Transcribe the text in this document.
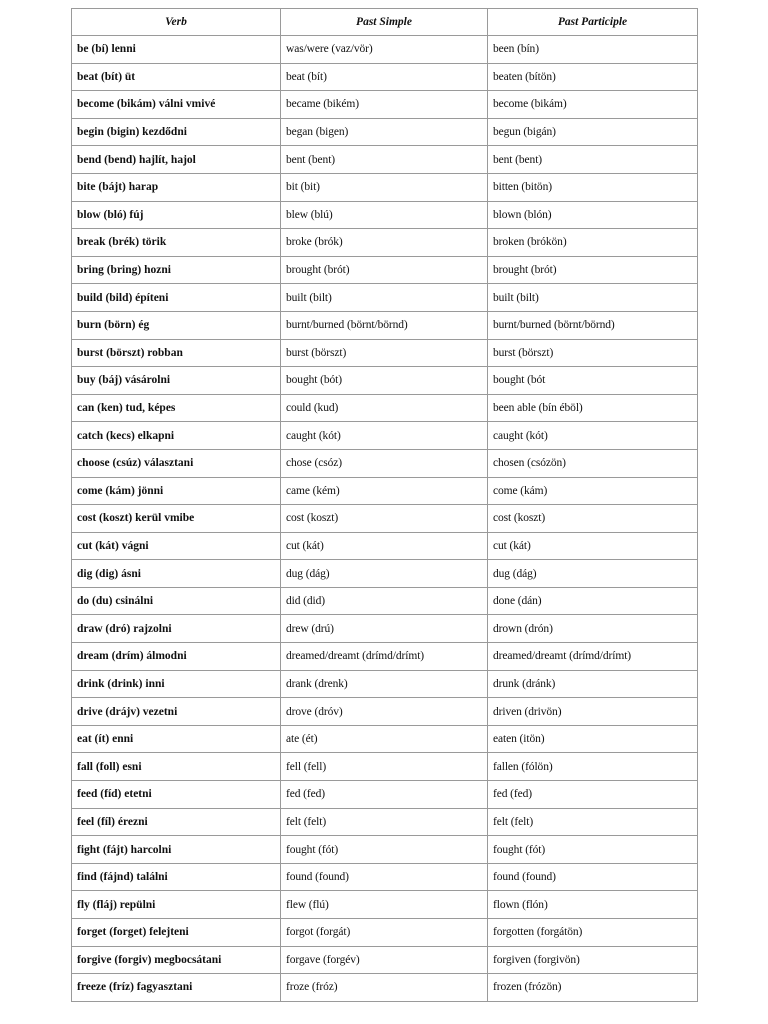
Verb	Past Simple	Past Participle
be (bí) lenni	was/were (vaz/vör)	been (bín)
beat (bít) üt	beat (bít)	beaten (bítön)
become (bikám) válni vmivé	became (bikém)	become (bikám)
begin (bigin) kezdődni	began (bigen)	begun (bigán)
bend (bend) hajlít, hajol	bent (bent)	bent (bent)
bite (bájt) harap	bit (bit)	bitten (bitön)
blow (bló) fúj	blew (blú)	blown (blón)
break (brék) törik	broke (brók)	broken (brókön)
bring (bring) hozni	brought (brót)	brought (brót)
build (bild) építeni	built (bilt)	built (bilt)
burn (börn) ég	burnt/burned (börnt/börnd)	burnt/burned (börnt/börnd)
burst (börszt) robban	burst (börszt)	burst (börszt)
buy (báj) vásárolni	bought (bót)	bought (bót
can (ken) tud, képes	could (kud)	been able (bín éböl)
catch (kecs) elkapni	caught (kót)	caught (kót)
choose (csúz) választani	chose (csóz)	chosen (csózön)
come (kám) jönni	came (kém)	come (kám)
cost (koszt) kerül vmibe	cost (koszt)	cost (koszt)
cut (kát) vágni	cut (kát)	cut (kát)
dig (dig) ásni	dug (dág)	dug (dág)
do (du) csinálni	did (did)	done (dán)
draw (dró) rajzolni	drew (drú)	drown (drón)
dream (drím) álmodni	dreamed/dreamt (drímd/drímt)	dreamed/dreamt (drímd/drímt)
drink (drink) inni	drank (drenk)	drunk (dránk)
drive (drájv) vezetni	drove (dróv)	driven (drivön)
eat (ít) enni	ate (ét)	eaten (itön)
fall (foll) esni	fell (fell)	fallen (fólön)
feed (fíd) etetni	fed (fed)	fed (fed)
feel (fíl) érezni	felt (felt)	felt (felt)
fight (fájt) harcolni	fought (fót)	fought (fót)
find (fájnd) találni	found (found)	found (found)
fly (fláj) repülni	flew (flú)	flown (flón)
forget (forget) felejteni	forgot (forgát)	forgotten (forgátön)
forgive (forgiv) megbocsátani	forgave (forgév)	forgiven (forgivön)
freeze (fríz) fagyasztani	froze (fróz)	frozen (frózön)
